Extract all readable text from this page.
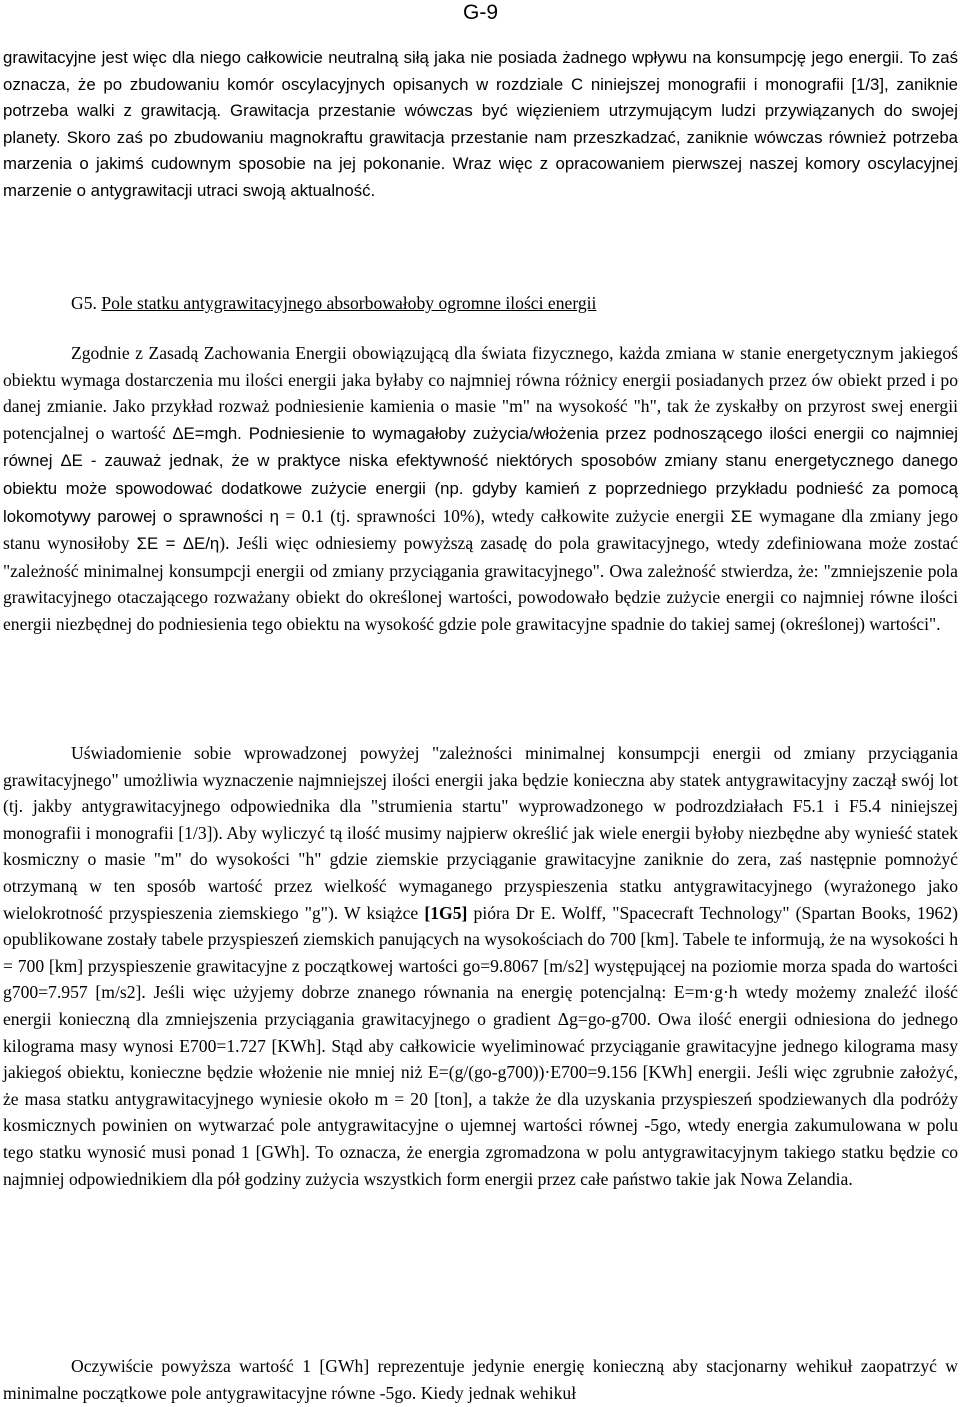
G-9

grawitacyjne jest więc dla niego całkowicie neutralną siłą jaka nie posiada żadnego wpływu na konsumpcję jego energii. To zaś oznacza, że po zbudowaniu komór oscylacyjnych opisanych w rozdziale C niniejszej monografii i monografii [1/3], zaniknie potrzeba walki z grawitacją. Grawitacja przestanie wówczas być więzieniem utrzymującym ludzi przywiązanych do swojej planety. Skoro zaś po zbudowaniu magnokraftu grawitacja przestanie nam przeszkadzać, zaniknie wówczas również potrzeba marzenia o jakimś cudownym sposobie na jej pokonanie. Wraz więc z opracowaniem pierwszej naszej komory oscylacyjnej marzenie o antygrawitacji utraci swoją aktualność.

G5. Pole statku antygrawitacyjnego absorbowałoby ogromne ilości energii

Zgodnie z Zasadą Zachowania Energii obowiązującą dla świata fizycznego, każda zmiana w stanie energetycznym jakiegoś obiektu wymaga dostarczenia mu ilości energii jaka byłaby co najmniej równa różnicy energii posiadanych przez ów obiekt przed i po danej zmianie. Jako przykład rozważ podniesienie kamienia o masie "m" na wysokość "h", tak że zyskałby on przyrost swej energii potencjalnej o wartość ΔE=mgh. Podniesienie to wymagałoby zużycia/włożenia przez podnoszącego ilości energii co najmniej równej ΔE - zauważ jednak, że w praktyce niska efektywność niektórych sposobów zmiany stanu energetycznego danego obiektu może spowodować dodatkowe zużycie energii (np. gdyby kamień z poprzedniego przykładu podnieść za pomocą lokomotywy parowej o sprawności η = 0.1 (tj. sprawności 10%), wtedy całkowite zużycie energii ΣE wymagane dla zmiany jego stanu wynosiłoby ΣE = ΔE/η). Jeśli więc odniesiemy powyższą zasadę do pola grawitacyjnego, wtedy zdefiniowana może zostać "zależność minimalnej konsumpcji energii od zmiany przyciągania grawitacyjnego". Owa zależność stwierdza, że: "zmniejszenie pola grawitacyjnego otaczającego rozważany obiekt do określonej wartości, powodowało będzie zużycie energii co najmniej równe ilości energii niezbędnej do podniesienia tego obiektu na wysokość gdzie pole grawitacyjne spadnie do takiej samej (określonej) wartości".

Uświadomienie sobie wprowadzonej powyżej "zależności minimalnej konsumpcji energii od zmiany przyciągania grawitacyjnego" umożliwia wyznaczenie najmniejszej ilości energii jaka będzie konieczna aby statek antygrawitacyjny zaczął swój lot (tj. jakby antygrawitacyjnego odpowiednika dla "strumienia startu" wyprowadzonego w podrozdziałach F5.1 i F5.4 niniejszej monografii i monografii [1/3]). Aby wyliczyć tą ilość musimy najpierw określić jak wiele energii byłoby niezbędne aby wynieść statek kosmiczny o masie "m" do wysokości "h" gdzie ziemskie przyciąganie grawitacyjne zaniknie do zera, zaś następnie pomnożyć otrzymaną w ten sposób wartość przez wielkość wymaganego przyspieszenia statku antygrawitacyjnego (wyrażonego jako wielokrotność przyspieszenia ziemskiego "g"). W książce [1G5] pióra Dr E. Wolff, "Spacecraft Technology" (Spartan Books, 1962) opublikowane zostały tabele przyspieszeń ziemskich panujących na wysokościach do 700 [km]. Tabele te informują, że na wysokości h = 700 [km] przyspieszenie grawitacyjne z początkowej wartości go=9.8067 [m/s2] występującej na poziomie morza spada do wartości g700=7.957 [m/s2]. Jeśli więc użyjemy dobrze znanego równania na energię potencjalną: E=m·g·h wtedy możemy znaleźć ilość energii konieczną dla zmniejszenia przyciągania grawitacyjnego o gradient Δg=go-g700. Owa ilość energii odniesiona do jednego kilograma masy wynosi E700=1.727 [KWh]. Stąd aby całkowicie wyeliminować przyciąganie grawitacyjne jednego kilograma masy jakiegoś obiektu, konieczne będzie włożenie nie mniej niż E=(g/(go-g700))·E700=9.156 [KWh] energii. Jeśli więc zgrubnie założyć, że masa statku antygrawitacyjnego wyniesie około m = 20 [ton], a także że dla uzyskania przyspieszeń spodziewanych dla podróży kosmicznych powinien on wytwarzać pole antygrawitacyjne o ujemnej wartości równej -5go, wtedy energia zakumulowana w polu tego statku wynosić musi ponad 1 [GWh]. To oznacza, że energia zgromadzona w polu antygrawitacyjnym takiego statku będzie co najmniej odpowiednikiem dla pół godziny zużycia wszystkich form energii przez całe państwo takie jak Nowa Zelandia.

Oczywiście powyższa wartość 1 [GWh] reprezentuje jedynie energię konieczną aby stacjonarny wehikuł zaopatrzyć w minimalne początkowe pole antygrawitacyjne równe -5go. Kiedy jednak wehikuł
